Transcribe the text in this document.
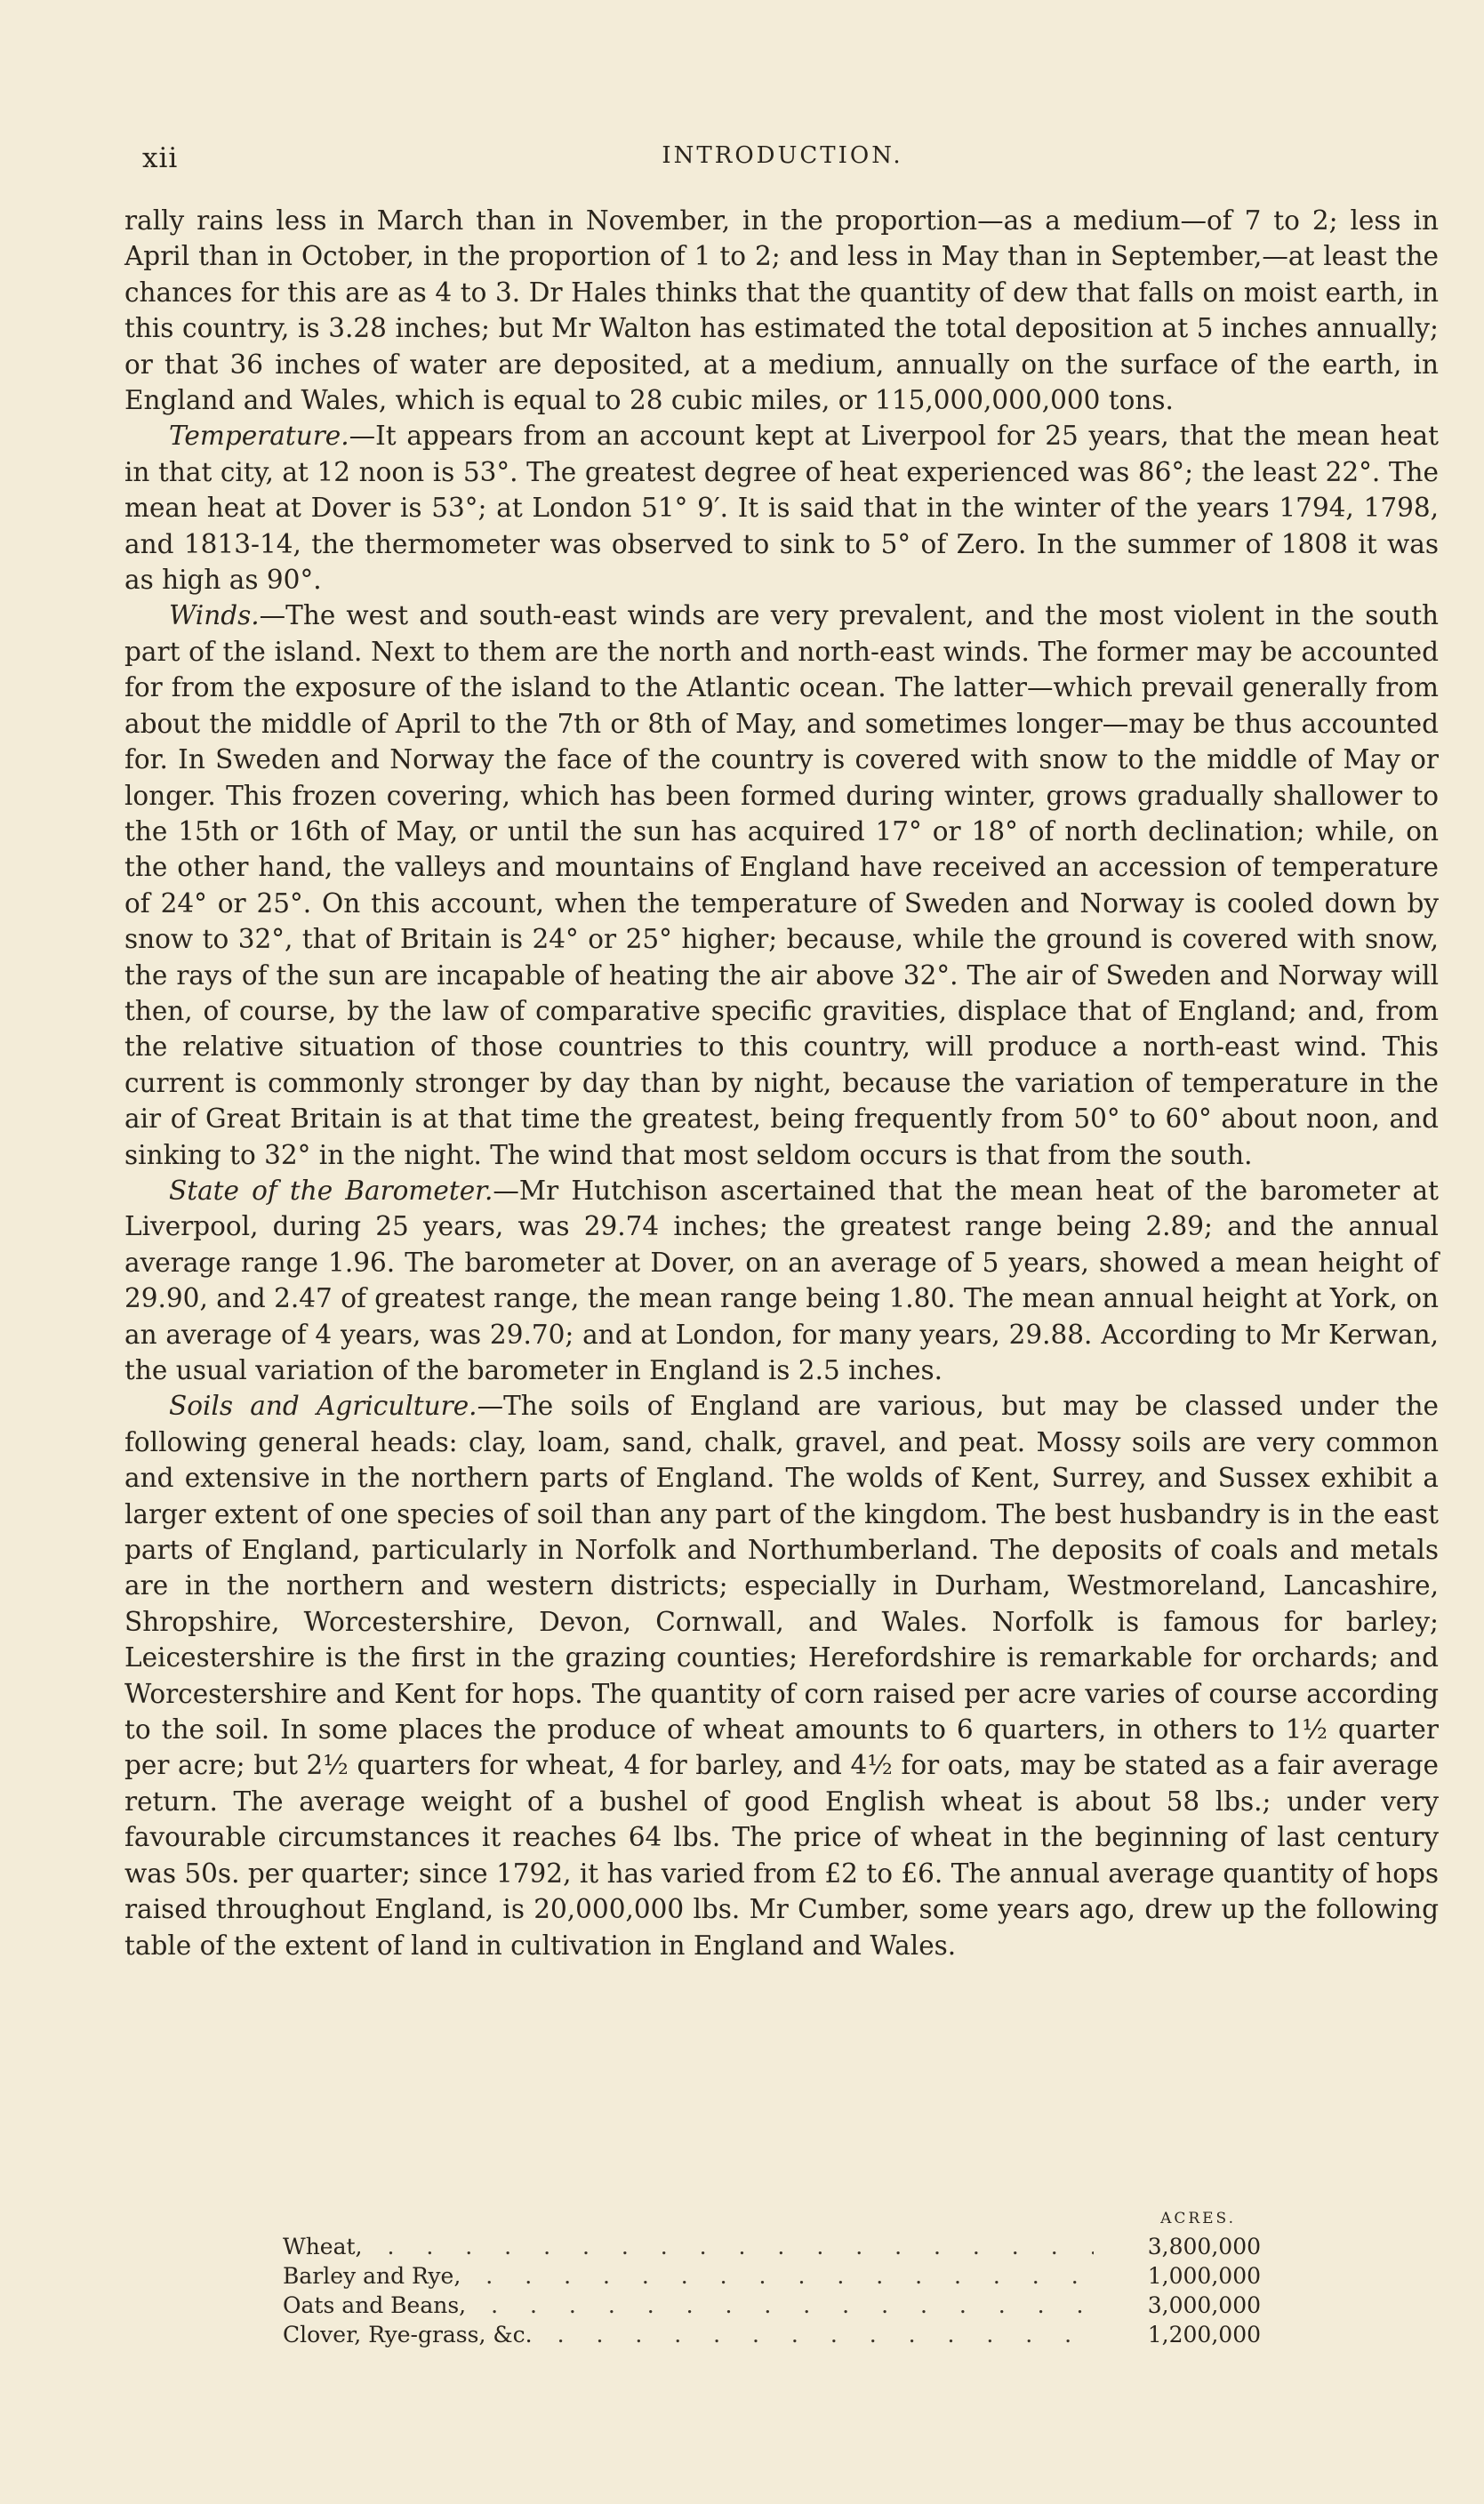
xii	INTRODUCTION.

rally rains less in March than in November, in the proportion—as a medium—of 7 to 2; less in April than in October, in the proportion of 1 to 2; and less in May than in September,—at least the chances for this are as 4 to 3. Dr Hales thinks that the quantity of dew that falls on moist earth, in this country, is 3.28 inches; but Mr Walton has estimated the total deposition at 5 inches annually; or that 36 inches of water are deposited, at a medium, annually on the surface of the earth, in England and Wales, which is equal to 28 cubic miles, or 115,000,000,000 tons.

Temperature.—It appears from an account kept at Liverpool for 25 years, that the mean heat in that city, at 12 noon is 53°. The greatest degree of heat experienced was 86°; the least 22°. The mean heat at Dover is 53°; at London 51° 9′. It is said that in the winter of the years 1794, 1798, and 1813-14, the thermometer was observed to sink to 5° of Zero. In the summer of 1808 it was as high as 90°.

Winds.—The west and south-east winds are very prevalent, and the most violent in the south part of the island. Next to them are the north and north-east winds. The former may be accounted for from the exposure of the island to the Atlantic ocean. The latter—which prevail generally from about the middle of April to the 7th or 8th of May, and sometimes longer—may be thus accounted for. In Sweden and Norway the face of the country is covered with snow to the middle of May or longer. This frozen covering, which has been formed during winter, grows gradually shallower to the 15th or 16th of May, or until the sun has acquired 17° or 18° of north declination; while, on the other hand, the valleys and mountains of England have received an accession of temperature of 24° or 25°. On this account, when the temperature of Sweden and Norway is cooled down by snow to 32°, that of Britain is 24° or 25° higher; because, while the ground is covered with snow, the rays of the sun are incapable of heating the air above 32°. The air of Sweden and Norway will then, of course, by the law of comparative specific gravities, displace that of England; and, from the relative situation of those countries to this country, will produce a north-east wind. This current is commonly stronger by day than by night, because the variation of temperature in the air of Great Britain is at that time the greatest, being frequently from 50° to 60° about noon, and sinking to 32° in the night. The wind that most seldom occurs is that from the south.

State of the Barometer.—Mr Hutchison ascertained that the mean heat of the barometer at Liverpool, during 25 years, was 29.74 inches; the greatest range being 2.89; and the annual average range 1.96. The barometer at Dover, on an average of 5 years, showed a mean height of 29.90, and 2.47 of greatest range, the mean range being 1.80. The mean annual height at York, on an average of 4 years, was 29.70; and at London, for many years, 29.88. According to Mr Kerwan, the usual variation of the barometer in England is 2.5 inches.

Soils and Agriculture.—The soils of England are various, but may be classed under the following general heads: clay, loam, sand, chalk, gravel, and peat. Mossy soils are very common and extensive in the northern parts of England. The wolds of Kent, Surrey, and Sussex exhibit a larger extent of one species of soil than any part of the kingdom. The best husbandry is in the east parts of England, particularly in Norfolk and Northumberland. The deposits of coals and metals are in the northern and western districts; especially in Durham, Westmoreland, Lancashire, Shropshire, Worcestershire, Devon, Cornwall, and Wales. Norfolk is famous for barley; Leicestershire is the first in the grazing counties; Herefordshire is remarkable for orchards; and Worcestershire and Kent for hops. The quantity of corn raised per acre varies of course according to the soil. In some places the produce of wheat amounts to 6 quarters, in others to 1½ quarter per acre; but 2½ quarters for wheat, 4 for barley, and 4½ for oats, may be stated as a fair average return. The average weight of a bushel of good English wheat is about 58 lbs.; under very favourable circumstances it reaches 64 lbs. The price of wheat in the beginning of last century was 50s. per quarter; since 1792, it has varied from £2 to £6. The annual average quantity of hops raised throughout England, is 20,000,000 lbs. Mr Cumber, some years ago, drew up the following table of the extent of land in cultivation in England and Wales.

ACRES.
Wheat, . . .	3,800,000
Barley and Rye, . . .	1,000,000
Oats and Beans, . . .	3,000,000
Clover, Rye-grass, &c. . . .	1,200,000
